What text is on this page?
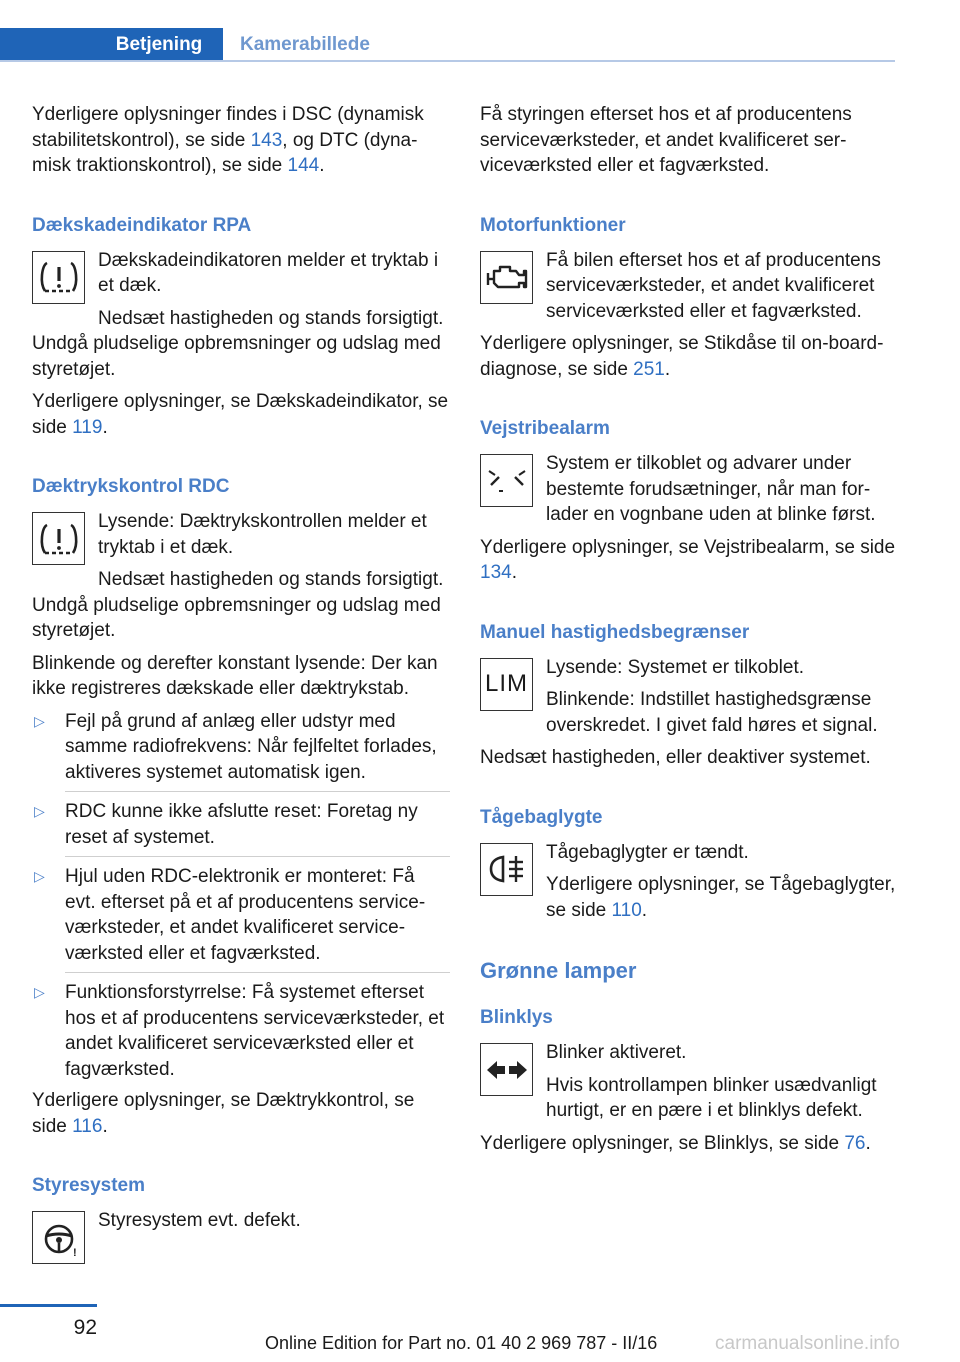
Betjening	Kamerabillede

Yderligere oplysninger findes i DSC (dynamisk stabilitetskontrol), se side 143, og DTC (dynamisk traktionskontrol), se side 144.

Dækskadeindikator RPA

Dækskadeindikatoren melder et tryktab i et dæk.

Nedsæt hastigheden og stands forsigtigt. Undgå pludselige opbremsninger og udslag med styretøjet.

Yderligere oplysninger, se Dækskadeindikator, se side 119.

Dæktrykskontrol RDC

Lysende: Dæktrykskontrollen melder et tryktab i et dæk.

Nedsæt hastigheden og stands forsigtigt. Undgå pludselige opbremsninger og udslag med styretøjet.

Blinkende og derefter konstant lysende: Der kan ikke registreres dækskade eller dæktrykstab.

▷ Fejl på grund af anlæg eller udstyr med samme radiofrekvens: Når fejlfeltet forlades, aktiveres systemet automatisk igen.
▷ RDC kunne ikke afslutte reset: Foretag ny reset af systemet.
▷ Hjul uden RDC-elektronik er monteret: Få evt. efterset på et af producentens serviceværksteder, et andet kvalificeret serviceværksted eller et fagværksted.
▷ Funktionsforstyrrelse: Få systemet efterset hos et af producentens serviceværksteder, et andet kvalificeret serviceværksted eller et fagværksted.

Yderligere oplysninger, se Dæktrykkontrol, se side 116.

Styresystem
!

Styresystem evt. defekt.

Få styringen efterset hos et af producentens serviceværksteder, et andet kvalificeret serviceværksted eller et fagværksted.

Motorfunktioner

Få bilen efterset hos et af producentens serviceværksteder, et andet kvalificeret serviceværksted eller et fagværksted.

Yderligere oplysninger, se Stikdåse til on-board-diagnose, se side 251.

Vejstribealarm

System er tilkoblet og advarer under bestemte forudsætninger, når man forlader en vognbane uden at blinke først.

Yderligere oplysninger, se Vejstribealarm, se side 134.

Manuel hastighedsbegrænser
LIM

Lysende: Systemet er tilkoblet.

Blinkende: Indstillet hastighedsgrænse overskredet. I givet fald høres et signal.

Nedsæt hastigheden, eller deaktiver systemet.

Tågebaglygte

Tågebaglygter er tændt.

Yderligere oplysninger, se Tågebaglygter, se side 110.

Grønne lamper
Blinklys

Blinker aktiveret.

Hvis kontrollampen blinker usædvanligt hurtigt, er en pære i et blinklys defekt.

Yderligere oplysninger, se Blinklys, se side 76.

92
Online Edition for Part no. 01 40 2 969 787 - II/16	carmanualsonline.info
